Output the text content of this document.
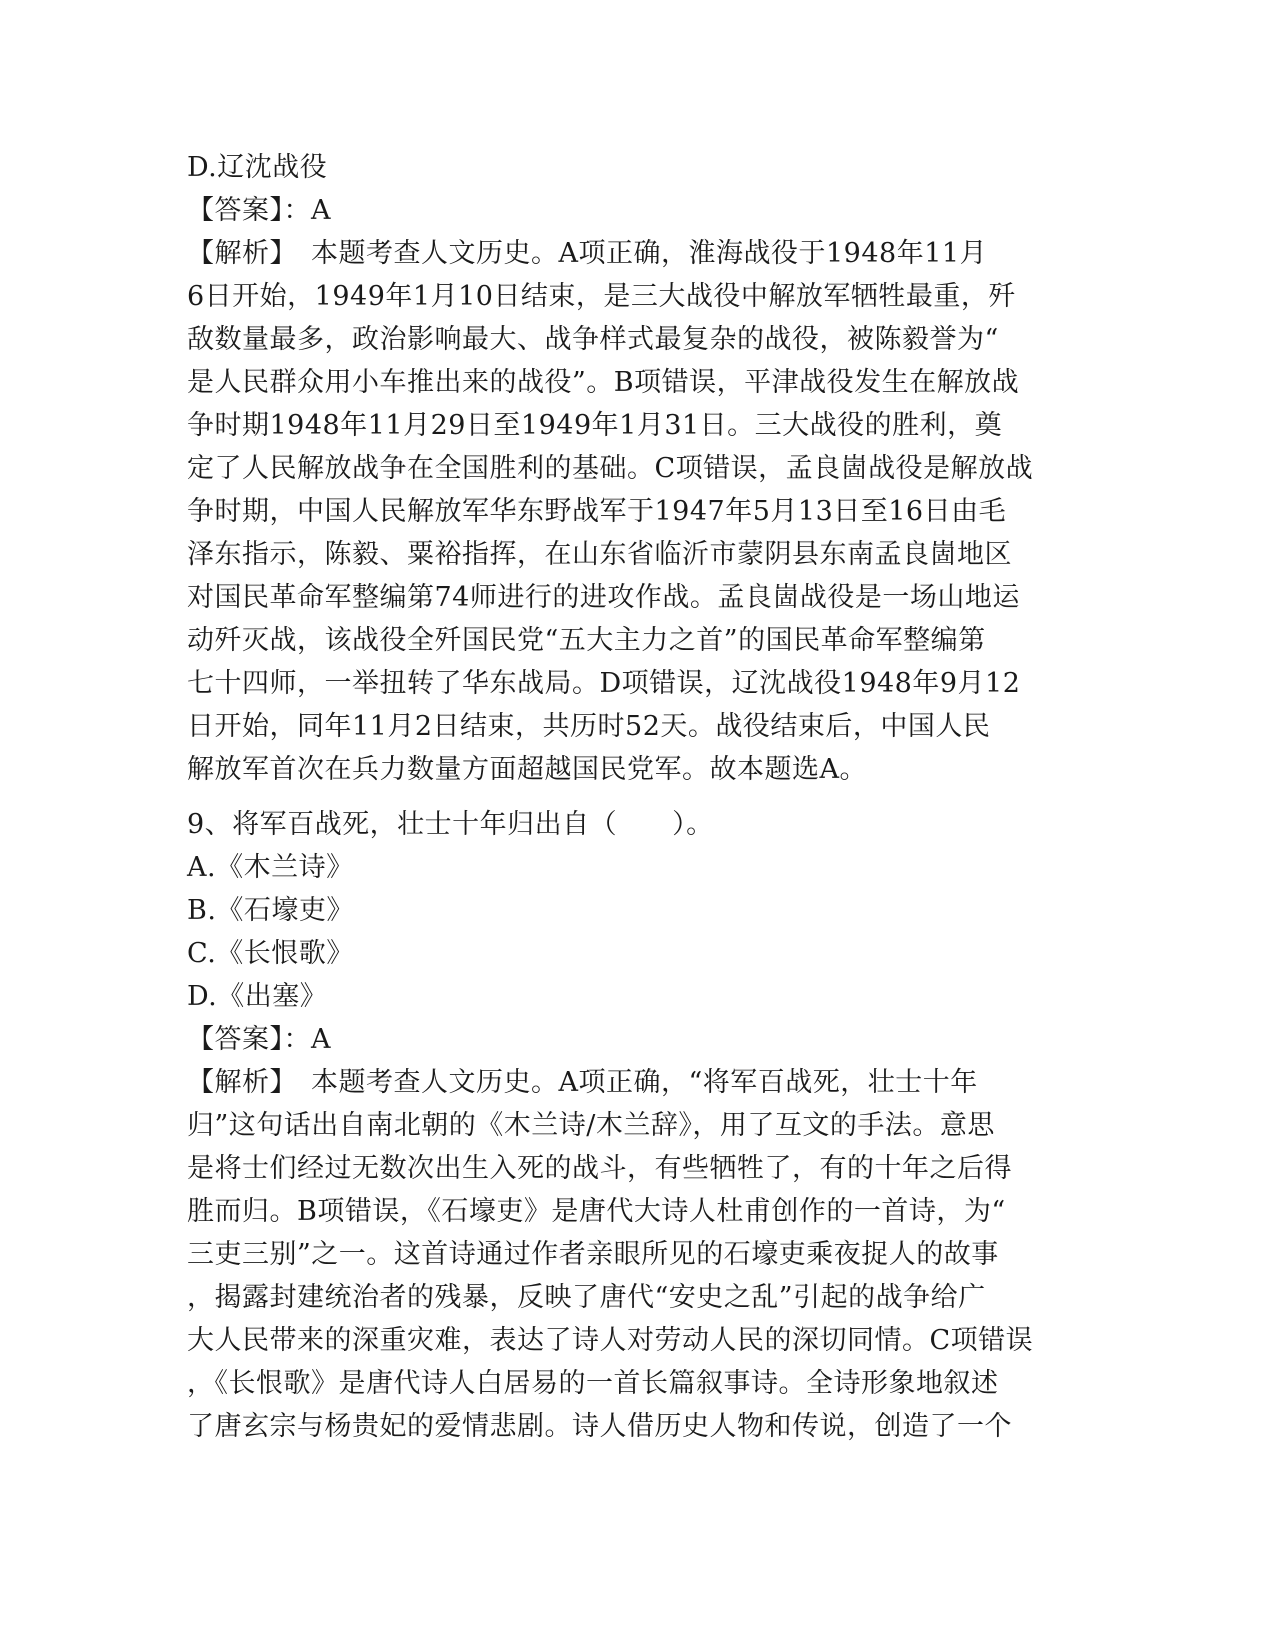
D.辽沈战役
【答案】：A
【解析】　本题考查人文历史。A项正确，淮海战役于1948年11月
6日开始，1949年1月10日结束，是三大战役中解放军牺牲最重，歼
敌数量最多，政治影响最大、战争样式最复杂的战役，被陈毅誉为“
是人民群众用小车推出来的战役”。B项错误，平津战役发生在解放战
争时期1948年11月29日至1949年1月31日。三大战役的胜利，奠
定了人民解放战争在全国胜利的基础。C项错误，孟良崮战役是解放战
争时期，中国人民解放军华东野战军于1947年5月13日至16日由毛
泽东指示，陈毅、粟裕指挥，在山东省临沂市蒙阴县东南孟良崮地区
对国民革命军整编第74师进行的进攻作战。孟良崮战役是一场山地运
动歼灭战，该战役全歼国民党“五大主力之首”的国民革命军整编第
七十四师，一举扭转了华东战局。D项错误，辽沈战役1948年9月12
日开始，同年11月2日结束，共历时52天。战役结束后，中国人民
解放军首次在兵力数量方面超越国民党军。故本题选A。
9、将军百战死，壮士十年归出自（　　）。
A.《木兰诗》
B.《石壕吏》
C.《长恨歌》
D.《出塞》
【答案】：A
【解析】　本题考查人文历史。A项正确，“将军百战死，壮士十年
归”这句话出自南北朝的《木兰诗/木兰辞》，用了互文的手法。意思
是将士们经过无数次出生入死的战斗，有些牺牲了，有的十年之后得
胜而归。B项错误，《石壕吏》是唐代大诗人杜甫创作的一首诗，为“
三吏三别”之一。这首诗通过作者亲眼所见的石壕吏乘夜捉人的故事
，揭露封建统治者的残暴，反映了唐代“安史之乱”引起的战争给广
大人民带来的深重灾难，表达了诗人对劳动人民的深切同情。C项错误
，《长恨歌》是唐代诗人白居易的一首长篇叙事诗。全诗形象地叙述
了唐玄宗与杨贵妃的爱情悲剧。诗人借历史人物和传说，创造了一个
